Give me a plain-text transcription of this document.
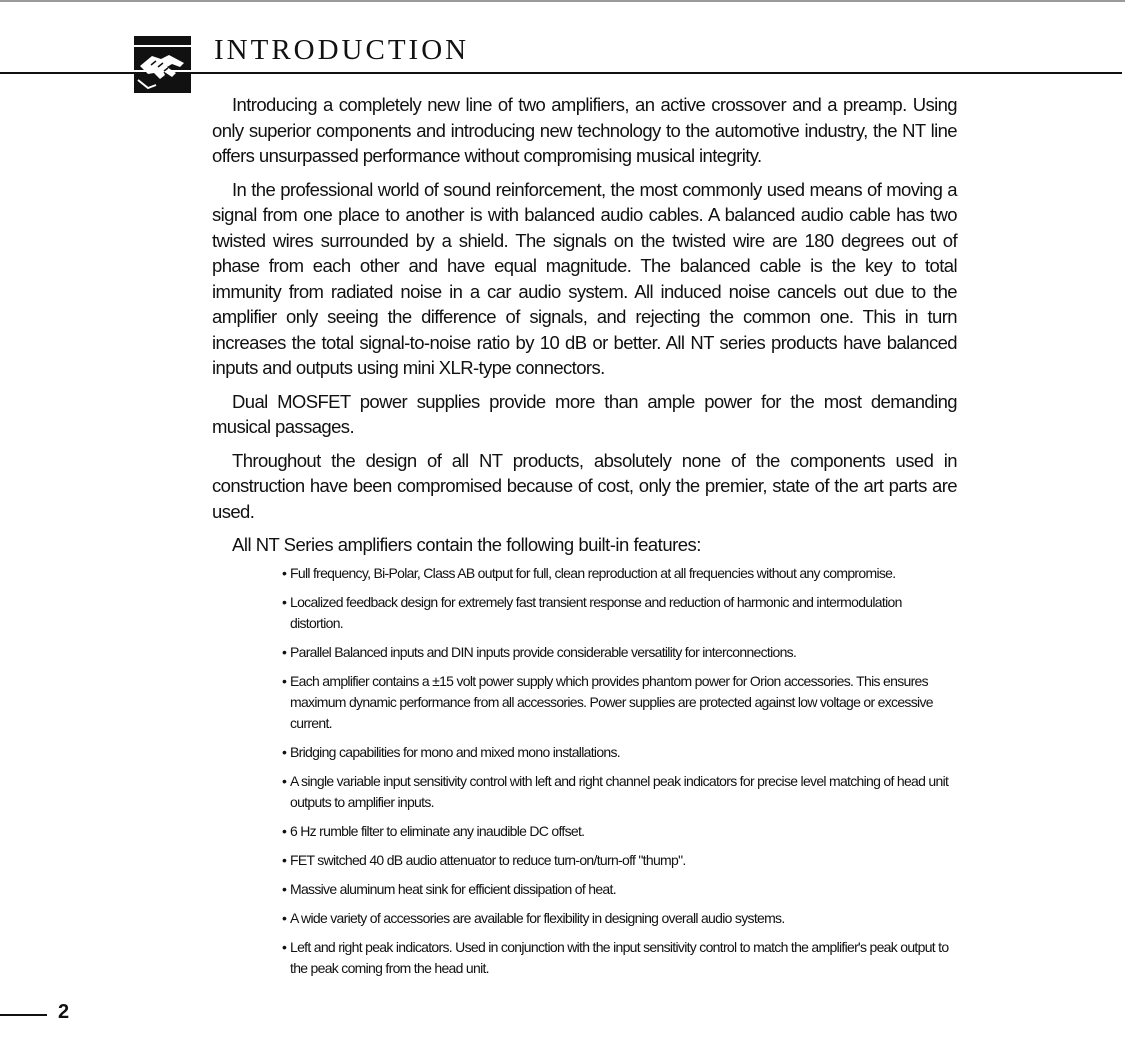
INTRODUCTION

Introducing a completely new line of two amplifiers, an active crossover and a preamp. Using only superior components and introducing new technology to the automotive industry, the NT line offers unsurpassed performance without compromising musical integrity.

In the professional world of sound reinforcement, the most commonly used means of moving a signal from one place to another is with balanced audio cables. A balanced audio cable has two twisted wires surrounded by a shield. The signals on the twisted wire are 180 degrees out of phase from each other and have equal magnitude. The balanced cable is the key to total immunity from radiated noise in a car audio system. All induced noise cancels out due to the amplifier only seeing the difference of signals, and rejecting the common one. This in turn increases the total signal-to-noise ratio by 10 dB or better. All NT series products have balanced inputs and outputs using mini XLR-type connectors.

Dual MOSFET power supplies provide more than ample power for the most demanding musical passages.

Throughout the design of all NT products, absolutely none of the components used in construction have been compromised because of cost, only the premier, state of the art parts are used.

All NT Series amplifiers contain the following built-in features:

• Full frequency, Bi-Polar, Class AB output for full, clean reproduction at all frequencies without any compromise.
• Localized feedback design for extremely fast transient response and reduction of harmonic and intermodulation distortion.
• Parallel Balanced inputs and DIN inputs provide considerable versatility for interconnections.
• Each amplifier contains a ±15 volt power supply which provides phantom power for Orion accessories. This ensures maximum dynamic performance from all accessories. Power supplies are protected against low voltage or excessive current.
• Bridging capabilities for mono and mixed mono installations.
• A single variable input sensitivity control with left and right channel peak indicators for precise level matching of head unit outputs to amplifier inputs.
• 6 Hz rumble filter to eliminate any inaudible DC offset.
• FET switched 40 dB audio attenuator to reduce turn-on/turn-off "thump".
• Massive aluminum heat sink for efficient dissipation of heat.
• A wide variety of accessories are available for flexibility in designing overall audio systems.
• Left and right peak indicators. Used in conjunction with the input sensitivity control to match the amplifier's peak output to the peak coming from the head unit.
2
